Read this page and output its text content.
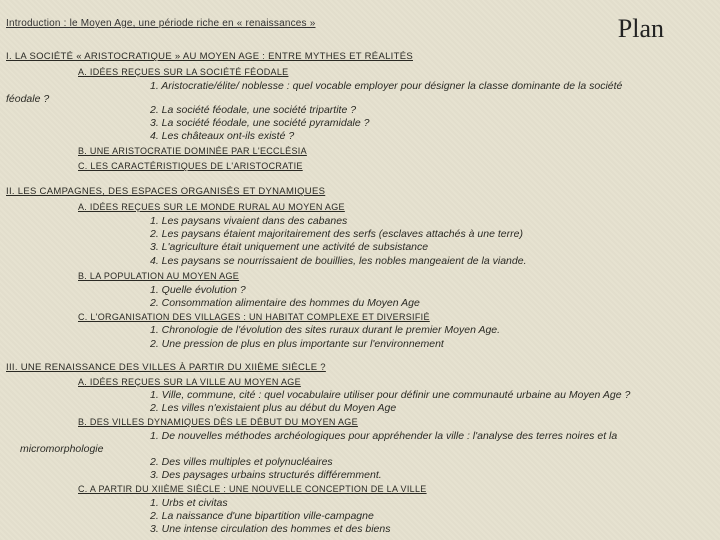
Introduction : le Moyen Age, une période riche en « renaissances »	Plan
I. LA SOCIÉTÉ « ARISTOCRATIQUE » AU MOYEN AGE : ENTRE MYTHES ET RÉALITÉS
A. IDÉES REÇUES SUR LA SOCIÉTÉ FÉODALE
1. Aristocratie/élite/ noblesse : quel vocable employer pour désigner la classe dominante de la société
féodale ?
2. La société féodale, une société tripartite ?
3. La société féodale, une société pyramidale ?
4. Les châteaux ont-ils existé ?
B. UNE ARISTOCRATIE DOMINÉE PAR L'ECCLÉSIA
C. LES CARACTÉRISTIQUES DE L'ARISTOCRATIE
II. LES CAMPAGNES, DES ESPACES ORGANISÉS ET DYNAMIQUES
A. IDÉES REÇUES SUR LE MONDE RURAL AU MOYEN AGE
1. Les paysans vivaient dans des cabanes
2. Les paysans étaient majoritairement des serfs (esclaves attachés à une terre)
3. L'agriculture était uniquement une activité de subsistance
4. Les paysans se nourrissaient de bouillies, les nobles mangeaient de la viande.
B. LA POPULATION AU MOYEN AGE
1. Quelle évolution ?
2. Consommation alimentaire des hommes du Moyen Age
C. L'ORGANISATION DES VILLAGES : UN HABITAT COMPLEXE ET DIVERSIFIÉ
1. Chronologie de l'évolution des sites ruraux durant le premier Moyen Age.
2. Une pression de plus en plus importante sur l'environnement
III. UNE RENAISSANCE DES VILLES À PARTIR DU XIIÈME SIÈCLE ?
A. IDÉES REÇUES SUR LA VILLE AU MOYEN AGE
1. Ville, commune, cité : quel vocabulaire utiliser pour définir une communauté urbaine au Moyen Age ?
2. Les villes n'existaient plus au début du Moyen Age
B. DES VILLES DYNAMIQUES DÈS LE DÉBUT DU MOYEN AGE
1. De nouvelles méthodes archéologiques pour appréhender la ville : l'analyse des terres noires et la
micromorphologie
2. Des villes multiples et polynucléaires
3. Des paysages urbains structurés différemment.
C. A PARTIR DU XIIÈME SIÈCLE : UNE NOUVELLE CONCEPTION DE LA VILLE
1. Urbs et civitas
2. La naissance d'une bipartition ville-campagne
3. Une intense circulation des hommes et des biens
